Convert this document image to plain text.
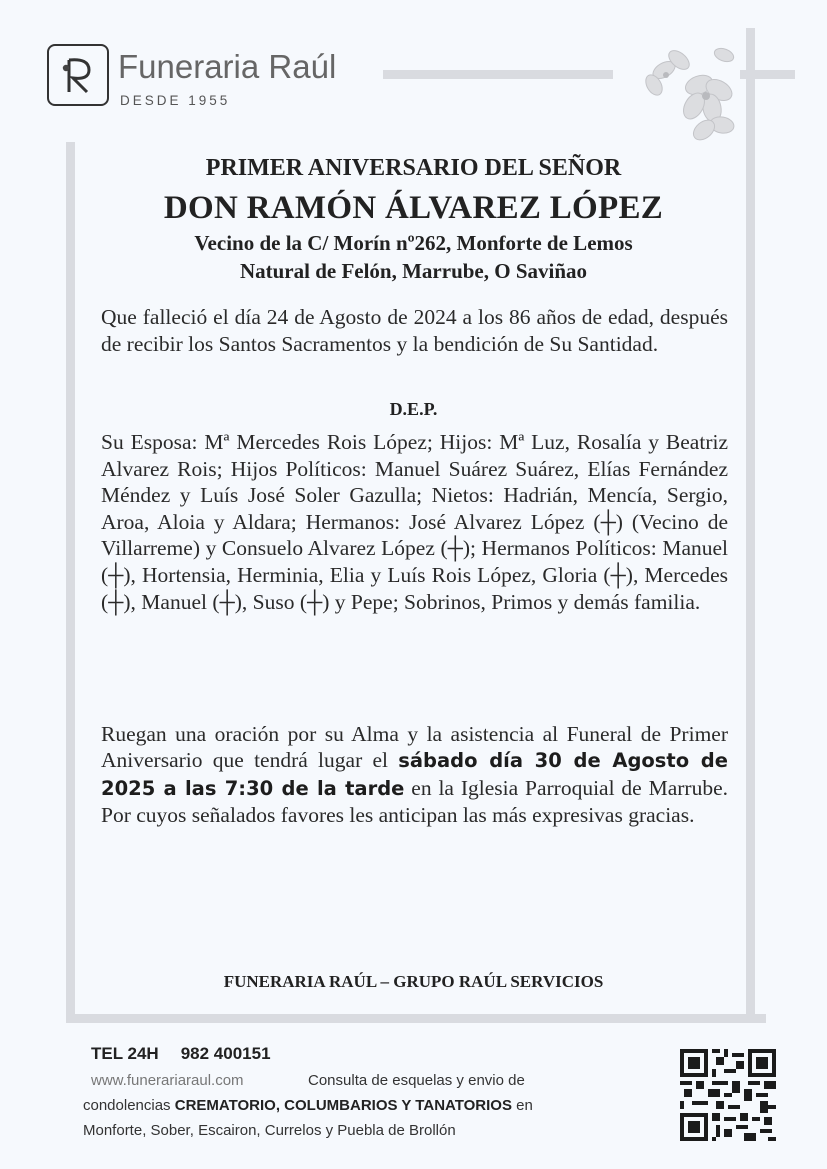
Funeraria Raúl
DESDE 1955
PRIMER ANIVERSARIO DEL SEÑOR
DON RAMÓN ÁLVAREZ LÓPEZ
Vecino de la C/ Morín nº262, Monforte de Lemos
Natural de Felón, Marrube, O Saviñao
Que falleció el día 24 de Agosto de 2024 a los 86 años de edad, después de recibir los Santos Sacramentos y la bendición de Su Santidad.
D.E.P.
Su Esposa: Mª Mercedes Rois López; Hijos: Mª Luz, Rosalía y Beatriz Alvarez Rois; Hijos Políticos: Manuel Suárez Suárez, Elías Fernández Méndez y Luís José Soler Gazulla; Nietos: Hadrián, Mencía, Sergio, Aroa, Aloia y Aldara; Hermanos: José Alvarez López (┼) (Vecino de Villarreme) y Consuelo Alvarez López (┼); Hermanos Políticos: Manuel (┼), Hortensia, Herminia, Elia y Luís Rois López, Gloria (┼), Mercedes (┼), Manuel (┼), Suso (┼) y Pepe; Sobrinos, Primos y demás familia.
Ruegan una oración por su Alma y la asistencia al Funeral de Primer Aniversario que tendrá lugar el sábado día 30 de Agosto de 2025 a las 7:30 de la tarde en la Iglesia Parroquial de Marrube. Por cuyos señalados favores les anticipan las más expresivas gracias.
FUNERARIA RAÚL – GRUPO RAÚL SERVICIOS
TEL 24H 982 400151
www.funerariaraul.com	Consulta de esquelas y envio de
condolencias CREMATORIO, COLUMBARIOS Y TANATORIOS en
Monforte, Sober, Escairon, Currelos y Puebla de Brollón
